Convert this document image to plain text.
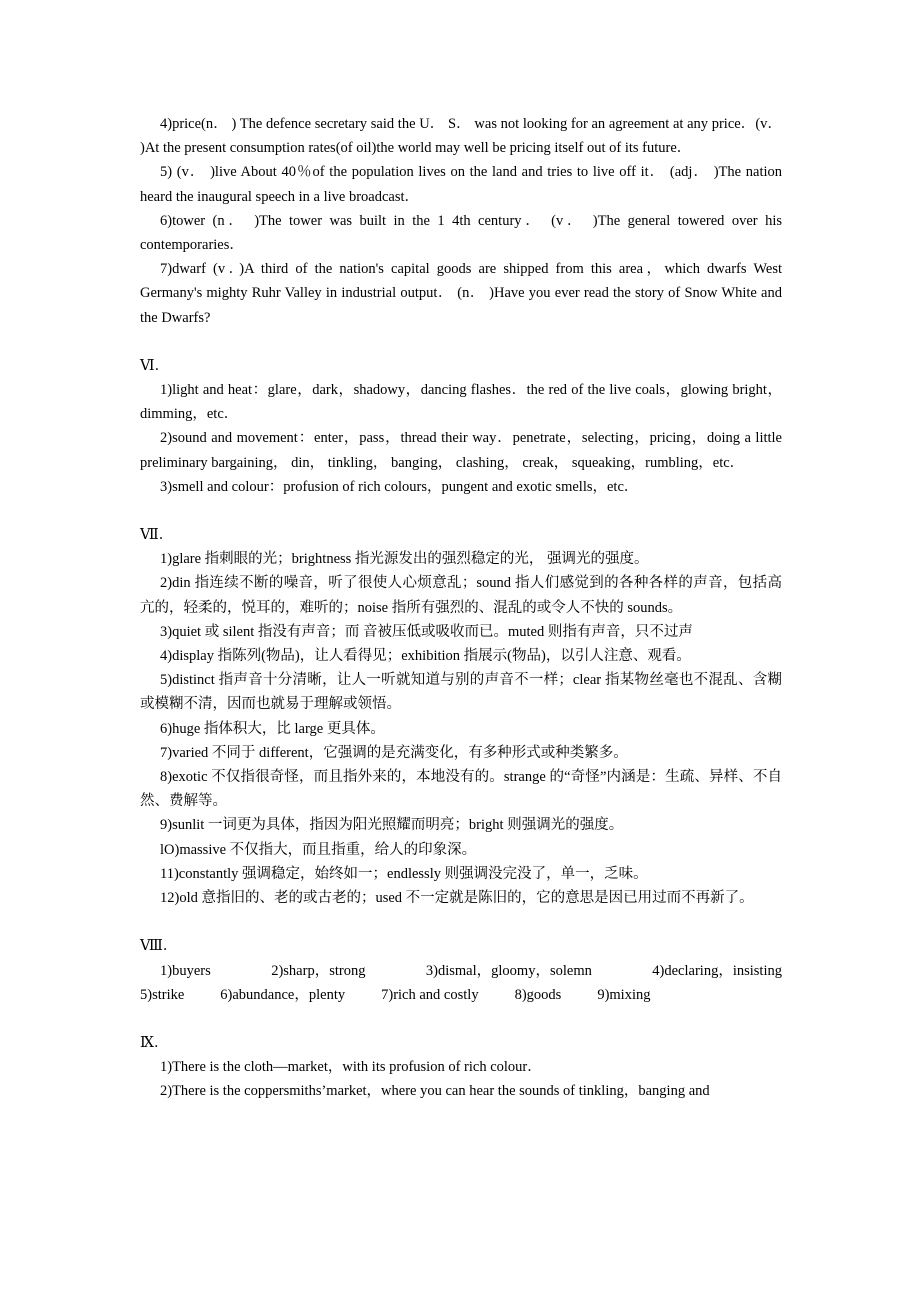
4)price(n． ) The defence secretary said the U． S． was not looking for an agreement at any price．(v． )At the present consumption rates(of oil)the world may well be pricing itself out of its future．

5) (v． )live About 40％of the population lives on the land and tries to live off it． (adj． )The nation heard the inaugural speech in a live broadcast．

6)tower (n． )The tower was built in the 1 4th century． (v． )The general towered over his contemporaries．

7)dwarf (v．)A third of the nation's capital goods are shipped from this area，which dwarfs West Germany's mighty Ruhr Valley in industrial output． (n． )Have you ever read the story of Snow White and the Dwarfs?

Ⅵ．

1)light and heat：glare，dark，shadowy，dancing flashes．the red of the live coals，glowing bright，dimming，etc．

2)sound and movement：enter，pass，thread their way．penetrate，selecting，pricing，doing a little preliminary bargaining， din， tinkling， banging， clashing， creak， squeaking，rumbling，etc．

3)smell and colour：profusion of rich colours，pungent and exotic smells，etc．

Ⅶ．

1)glare 指刺眼的光；brightness 指光源发出的强烈稳定的光， 强调光的强度。

2)din 指连续不断的噪音，听了很使人心烦意乱；sound 指人们感觉到的各种各样的声音，包括高亢的，轻柔的，悦耳的，难听的；noise 指所有强烈的、混乱的或令人不快的 sounds。

3)quiet 或 silent 指没有声音；而 音被压低或吸收而已。muted 则指有声音，只不过声

4)display 指陈列(物品)，让人看得见；exhibition 指展示(物品)，以引人注意、观看。

5)distinct 指声音十分清晰，让人一听就知道与别的声音不一样；clear 指某物丝毫也不混乱、含糊或模糊不清，因而也就易于理解或领悟。

6)huge 指体积大，比 large 更具体。

7)varied 不同于 different，它强调的是充满变化，有多种形式或种类繁多。

8)exotic 不仅指很奇怪，而且指外来的，本地没有的。strange 的“奇怪”内涵是：生疏、异样、不自然、费解等。

9)sunlit 一词更为具体，指因为阳光照耀而明亮；bright 则强调光的强度。

lO)massive 不仅指大，而且指重，给人的印象深。

11)constantly 强调稳定，始终如一；endlessly 则强调没完没了，单一，乏味。

12)old 意指旧的、老的或古老的；used 不一定就是陈旧的，它的意思是因已用过而不再新了。

Ⅷ．

1)buyers	2)sharp，strong	3)dismal，gloomy，solemn	4)declaring，insisting
5)strike 6)abundance，plenty 7)rich and costly 8)goods 9)mixing

Ⅸ．

1)There is the cloth—market，with its profusion of rich colour．

2)There is the coppersmiths’market，where you can hear the sounds of tinkling，banging and
